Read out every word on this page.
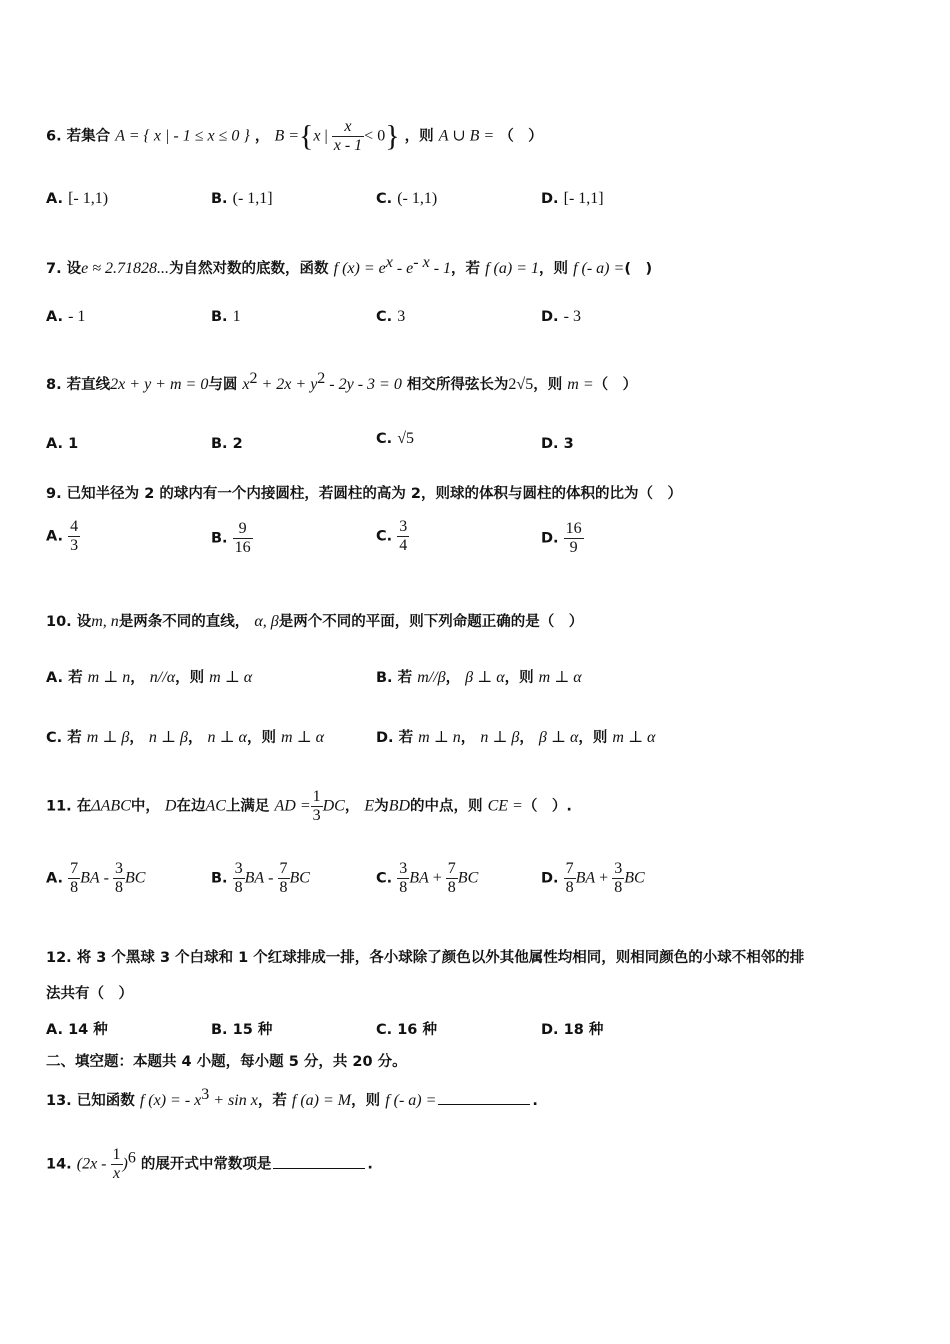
6. 若集合 A = { x | - 1 ≤ x ≤ 0 } ， B ={x | $\frac{x}{x - 1} < 0$} ，则 A ∪ B = （　）
A. [- 1,1)	B. (- 1,1]	C. (- 1,1)	D. [- 1,1]
7. 设e ≈ 2.71828...为自然对数的底数，函数 f $(x) = e^x - e^{- x} - 1$，若 f (a) = 1，则 f (- a) =(　)
A. - 1	B. 1	C. 3	D. - 3
8. 若直线2x + y + m = 0与圆 $x^2 + 2x + y^2 - 2y - 3 = 0$ 相交所得弦长为2√5，则 m =（　）
A. 1	B. 2	C. √5	D. 3
9. 已知半径为 2 的球内有一个内接圆柱，若圆柱的高为 2，则球的体积与圆柱的体积的比为（　）
A. $\frac{4}{3}$	B. $\frac{9}{16}$	C. $\frac{3}{4}$	D. $\frac{16}{9}$
10. 设m, n是两条不同的直线， α, β是两个不同的平面，则下列命题正确的是（　）
A. 若 m ⊥ n， n//α，则 m ⊥ α	B. 若 m//β， β ⊥ α，则 m ⊥ α
C. 若 m ⊥ β， n ⊥ β， n ⊥ α，则 m ⊥ α	D. 若 m ⊥ n， n ⊥ β， β ⊥ α，则 m ⊥ α
11. 在ΔABC中， D在边AC上满足 AD = $\frac{1}{3}$ DC， E为BD的中点，则 CE =（　）.
A. $\frac{7}{8}$ BA - $\frac{3}{8}$ BC	B. $\frac{3}{8}$ BA - $\frac{7}{8}$ BC	C. $\frac{3}{8}$ BA + $\frac{7}{8}$ BC	D. $\frac{7}{8}$ BA + $\frac{3}{8}$ BC
12. 将 3 个黑球 3 个白球和 1 个红球排成一排，各小球除了颜色以外其他属性均相同，则相同颜色的小球不相邻的排
法共有（　）
A. 14 种	B. 15 种	C. 16 种	D. 18 种
二、填空题：本题共 4 小题，每小题 5 分，共 20 分。
13. 已知函数 f (x) = - $x^3 + \sin x$，若 f (a) = M，则 f (- a) =	.
14. $(2x - \frac{1}{x} )^6$ 的展开式中常数项是	.
